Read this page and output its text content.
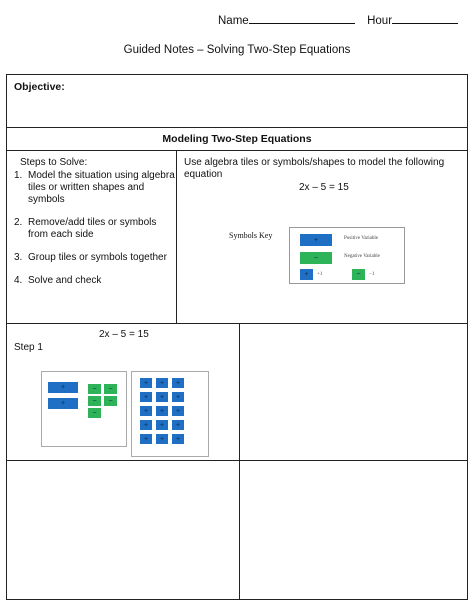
Name	Hour
Guided Notes – Solving Two-Step Equations
Objective:
Modeling Two-Step Equations
Steps to Solve:
1. Model the situation using algebra tiles or written shapes and symbols
2. Remove/add tiles or symbols from each side
3. Group tiles or symbols together
4. Solve and check
Use algebra tiles or symbols/shapes to model the following equation
2x – 5 = 15
Symbols Key	+	Positive Variable
−	Negative Variable
+	+1	−	−1
2x – 5 = 15
Step 1
+
+
−	−
−	−
−
+	+	+
+	+	+
+	+	+
+	+	+
+	+	+
